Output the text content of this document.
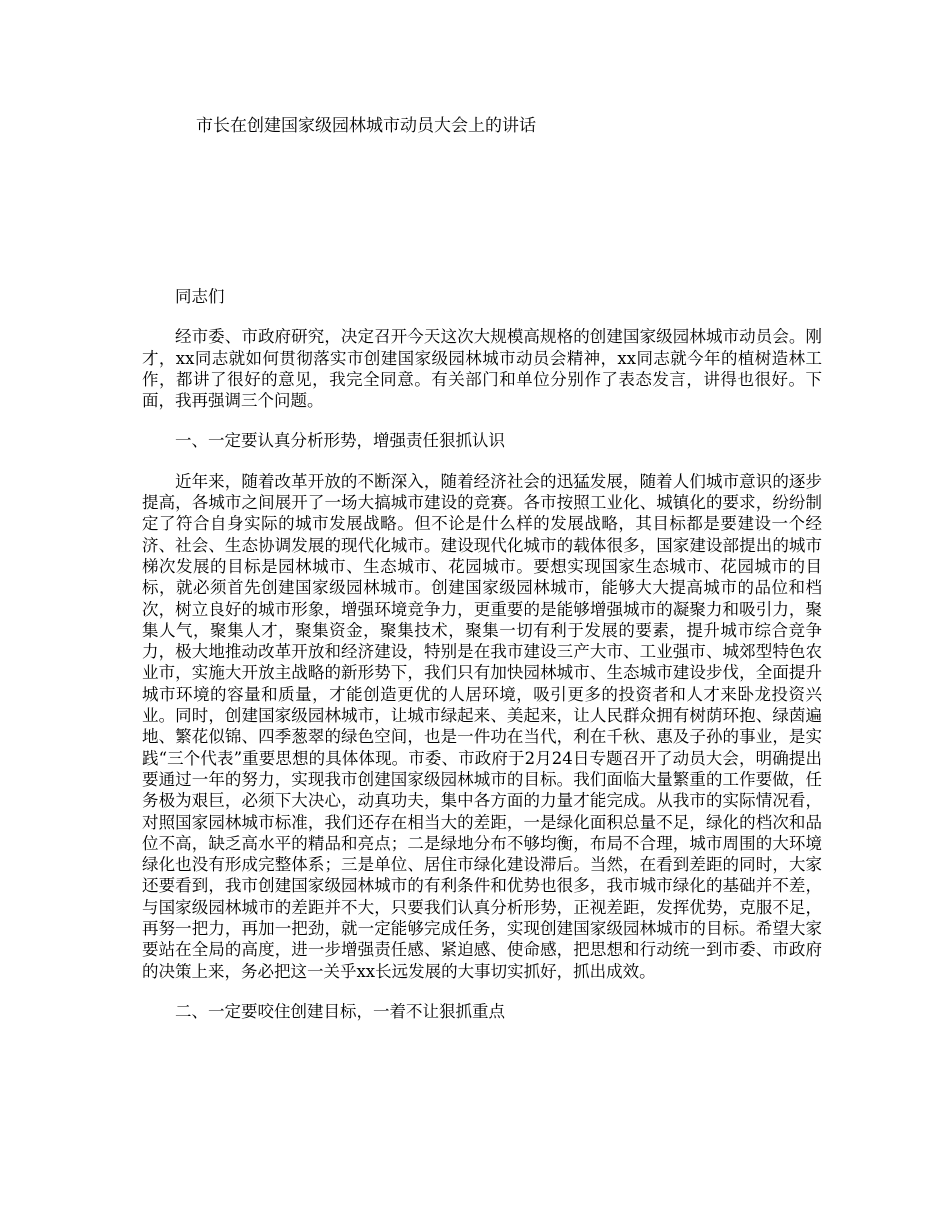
市长在创建国家级园林城市动员大会上的讲话

同志们

经市委、市政府研究，决定召开今天这次大规模高规格的创建国家级园林城市动员会。刚才，xx同志就如何贯彻落实市创建国家级园林城市动员会精神，xx同志就今年的植树造林工作，都讲了很好的意见，我完全同意。有关部门和单位分别作了表态发言，讲得也很好。下面，我再强调三个问题。

一、一定要认真分析形势，增强责任狠抓认识

近年来，随着改革开放的不断深入，随着经济社会的迅猛发展，随着人们城市意识的逐步提高，各城市之间展开了一场大搞城市建设的竞赛。各市按照工业化、城镇化的要求，纷纷制定了符合自身实际的城市发展战略。但不论是什么样的发展战略，其目标都是要建设一个经济、社会、生态协调发展的现代化城市。建设现代化城市的载体很多，国家建设部提出的城市梯次发展的目标是园林城市、生态城市、花园城市。要想实现国家生态城市、花园城市的目标，就必须首先创建国家级园林城市。创建国家级园林城市，能够大大提高城市的品位和档次，树立良好的城市形象，增强环境竞争力，更重要的是能够增强城市的凝聚力和吸引力，聚集人气，聚集人才，聚集资金，聚集技术，聚集一切有利于发展的要素，提升城市综合竞争力，极大地推动改革开放和经济建设，特别是在我市建设三产大市、工业强市、城郊型特色农业市，实施大开放主战略的新形势下，我们只有加快园林城市、生态城市建设步伐，全面提升城市环境的容量和质量，才能创造更优的人居环境，吸引更多的投资者和人才来卧龙投资兴业。同时，创建国家级园林城市，让城市绿起来、美起来，让人民群众拥有树荫环抱、绿茵遍地、繁花似锦、四季葱翠的绿色空间，也是一件功在当代，利在千秋、惠及子孙的事业，是实践“三个代表”重要思想的具体体现。市委、市政府于2月24日专题召开了动员大会，明确提出要通过一年的努力，实现我市创建国家级园林城市的目标。我们面临大量繁重的工作要做，任务极为艰巨，必须下大决心，动真功夫，集中各方面的力量才能完成。从我市的实际情况看，对照国家园林城市标准，我们还存在相当大的差距，一是绿化面积总量不足，绿化的档次和品位不高，缺乏高水平的精品和亮点；二是绿地分布不够均衡，布局不合理，城市周围的大环境绿化也没有形成完整体系；三是单位、居住市绿化建设滞后。当然，在看到差距的同时，大家还要看到，我市创建国家级园林城市的有利条件和优势也很多，我市城市绿化的基础并不差，与国家级园林城市的差距并不大，只要我们认真分析形势，正视差距，发挥优势，克服不足，再努一把力，再加一把劲，就一定能够完成任务，实现创建国家级园林城市的目标。希望大家要站在全局的高度，进一步增强责任感、紧迫感、使命感，把思想和行动统一到市委、市政府的决策上来，务必把这一关乎xx长远发展的大事切实抓好，抓出成效。

二、一定要咬住创建目标，一着不让狠抓重点
